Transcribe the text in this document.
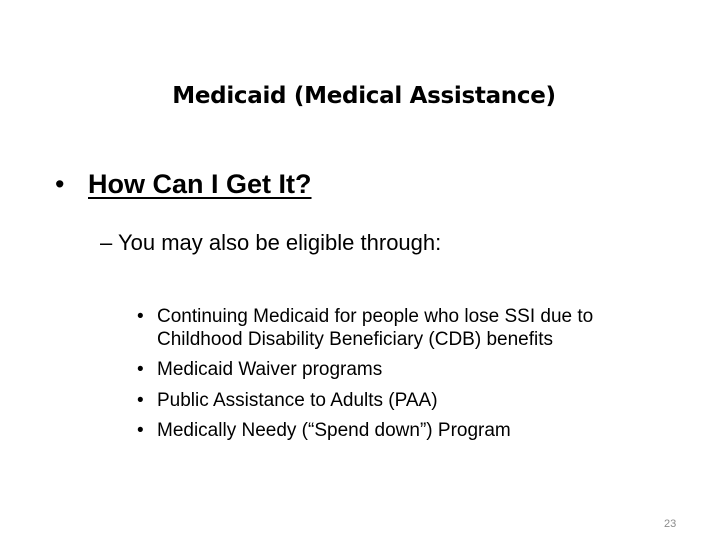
Medicaid (Medical Assistance)
• How Can I Get It?
– You may also be eligible through:
• Continuing Medicaid for people who lose SSI due to Childhood Disability Beneficiary (CDB) benefits
• Medicaid Waiver programs
• Public Assistance to Adults (PAA)
• Medically Needy (“Spend down”) Program
23
